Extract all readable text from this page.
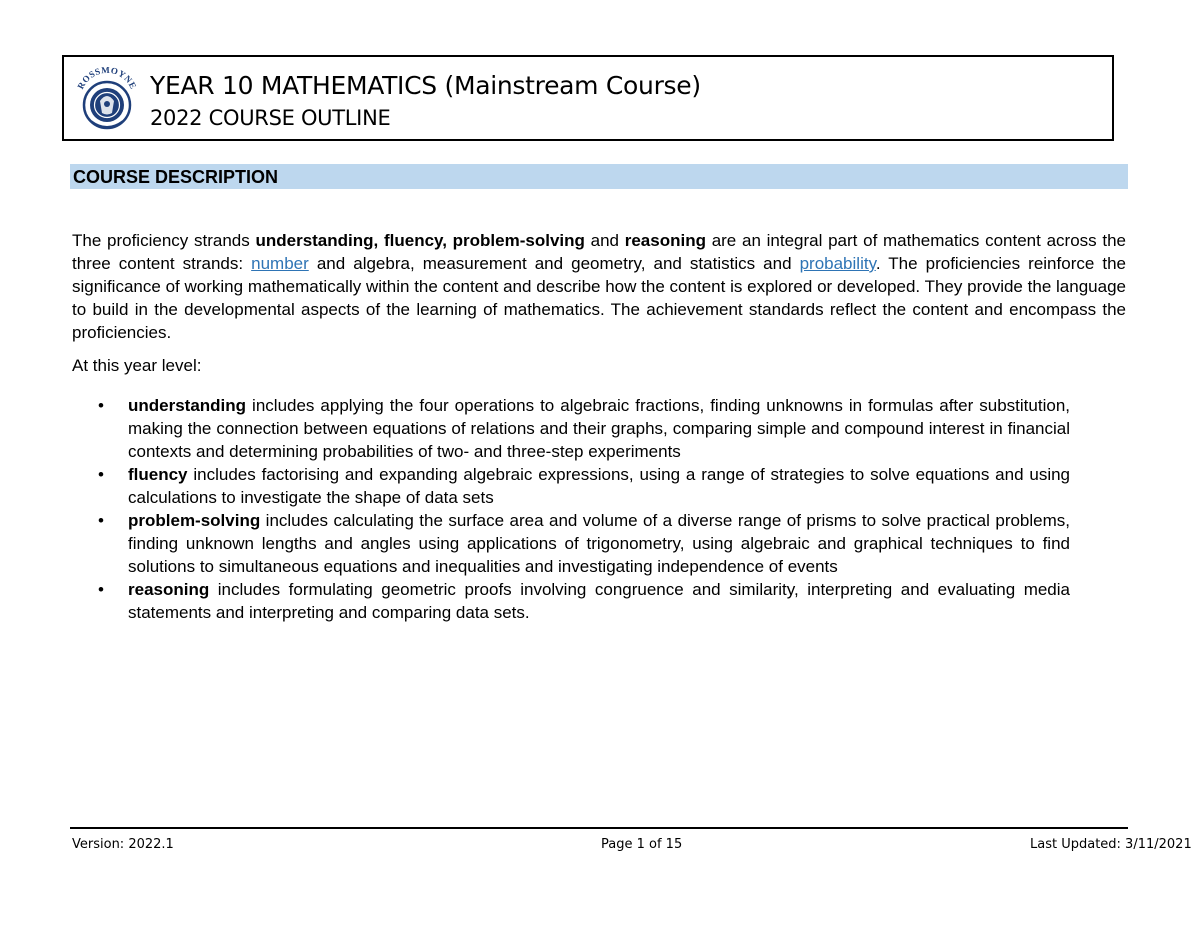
ROSSMOYNE YEAR 10 MATHEMATICS (Mainstream Course)
2022 COURSE OUTLINE
COURSE DESCRIPTION

The proficiency strands understanding, fluency, problem-solving and reasoning are an integral part of mathematics content across the three content strands: number and algebra, measurement and geometry, and statistics and probability. The proficiencies reinforce the significance of working mathematically within the content and describe how the content is explored or developed. They provide the language to build in the developmental aspects of the learning of mathematics. The achievement standards reflect the content and encompass the proficiencies.

At this year level:

• understanding includes applying the four operations to algebraic fractions, finding unknowns in formulas after substitution, making the connection between equations of relations and their graphs, comparing simple and compound interest in financial contexts and determining probabilities of two- and three-step experiments
• fluency includes factorising and expanding algebraic expressions, using a range of strategies to solve equations and using calculations to investigate the shape of data sets
• problem-solving includes calculating the surface area and volume of a diverse range of prisms to solve practical problems, finding unknown lengths and angles using applications of trigonometry, using algebraic and graphical techniques to find solutions to simultaneous equations and inequalities and investigating independence of events
• reasoning includes formulating geometric proofs involving congruence and similarity, interpreting and evaluating media statements and interpreting and comparing data sets.
Version: 2022.1	Page 1 of 15	Last Updated: 3/11/2021
